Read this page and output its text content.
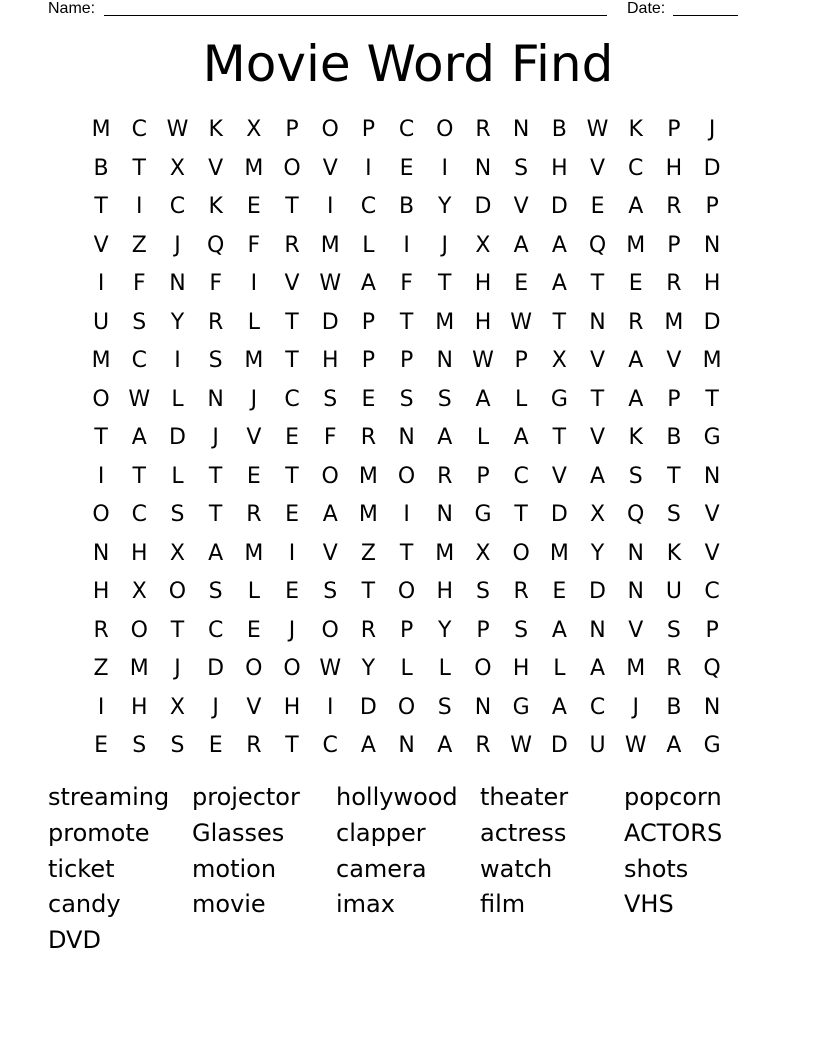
Name:	Date:
Movie Word Find
M C W K	X	P	O	P	C O R	N	B W K	P	J
B	T	X	V M O	V	I	E	I	N	S	H	V	C	H D
T	I	C	K	E	T	I	C	B	Y	D	V	D	E	A	R	P
V	Z	J	Q	F	R M	L	I	J	X	A	A Q M	P	N
I	F	N	F	I	V W A	F	T	H	E	A	T	E	R	H
U	S	Y	R	L	T	D	P	T M H W T	N	R M D
M C	I	S M T	H	P	P	N W P	X	V	A	V M
O W L	N	J	C	S	E	S	S	A	L	G	T	A	P	T
T	A	D	J	V	E	F	R	N	A	L	A	T	V	K	B	G
I	T	L	T	E	T	O M O R	P	C	V	A	S	T	N
O C	S	T	R	E	A M	I	N G	T	D	X Q	S	V
N H	X	A M	I	V	Z	T M X O M Y	N	K	V
H	X O	S	L	E	S	T	O H	S	R	E	D N U	C
R O	T	C	E	J	O R	P	Y	P	S	A	N	V	S	P
Z M	J	D O O W Y	L	L	O H	L	A M R Q
I	H	X	J	V	H	I	D O	S	N G	A	C	J	B	N
E	S	S	E	R	T	C	A	N	A	R W D U W A	G
streaming projector	hollywood theater	popcorn
promote	Glasses	clapper	actress	ACTORS
ticket	motion	camera	watch	shots
candy	movie	imax	film	VHS
DVD
